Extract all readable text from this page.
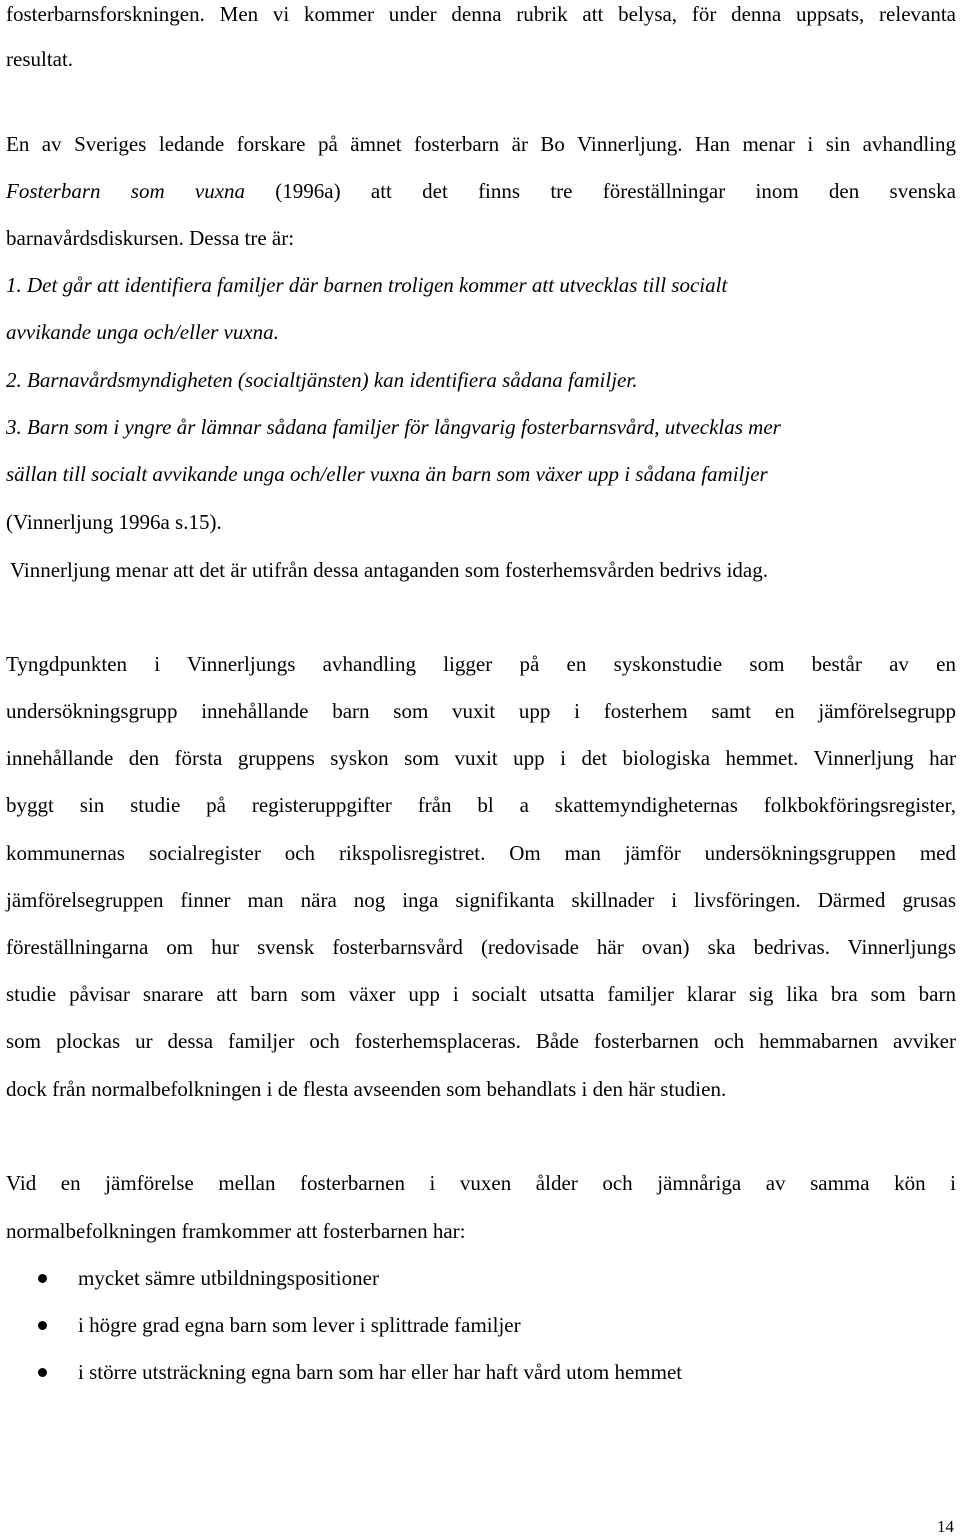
fosterbarnsforskningen. Men vi kommer under denna rubrik att belysa, för denna uppsats, relevanta
resultat.
En av Sveriges ledande forskare på ämnet fosterbarn är Bo Vinnerljung. Han menar i sin avhandling
Fosterbarn som vuxna (1996a) att det finns tre föreställningar inom den svenska
barnavårdsdiskursen. Dessa tre är:
1. Det går att identifiera familjer där barnen troligen kommer att utvecklas till socialt
avvikande unga och/eller vuxna.
2. Barnavårdsmyndigheten (socialtjänsten) kan identifiera sådana familjer.
3. Barn som i yngre år lämnar sådana familjer för långvarig fosterbarnsvård, utvecklas mer
sällan till socialt avvikande unga och/eller vuxna än barn som växer upp i sådana familjer
(Vinnerljung 1996a s.15).
Vinnerljung menar att det är utifrån dessa antaganden som fosterhemsvården bedrivs idag.
Tyngdpunkten i Vinnerljungs avhandling ligger på en syskonstudie som består av en
undersökningsgrupp innehållande barn som vuxit upp i fosterhem samt en jämförelsegrupp
innehållande den första gruppens syskon som vuxit upp i det biologiska hemmet. Vinnerljung har
byggt sin studie på registeruppgifter från bl a skattemyndigheternas folkbokföringsregister,
kommunernas socialregister och rikspolisregistret. Om man jämför undersökningsgruppen med
jämförelsegruppen finner man nära nog inga signifikanta skillnader i livsföringen. Därmed grusas
föreställningarna om hur svensk fosterbarnsvård (redovisade här ovan) ska bedrivas. Vinnerljungs
studie påvisar snarare att barn som växer upp i socialt utsatta familjer klarar sig lika bra som barn
som plockas ur dessa familjer och fosterhemsplaceras. Både fosterbarnen och hemmabarnen avviker
dock från normalbefolkningen i de flesta avseenden som behandlats i den här studien.
Vid en jämförelse mellan fosterbarnen i vuxen ålder och jämnåriga av samma kön i
normalbefolkningen framkommer att fosterbarnen har:
mycket sämre utbildningspositioner
i högre grad egna barn som lever i splittrade familjer
i större utsträckning egna barn som har eller har haft vård utom hemmet
14
